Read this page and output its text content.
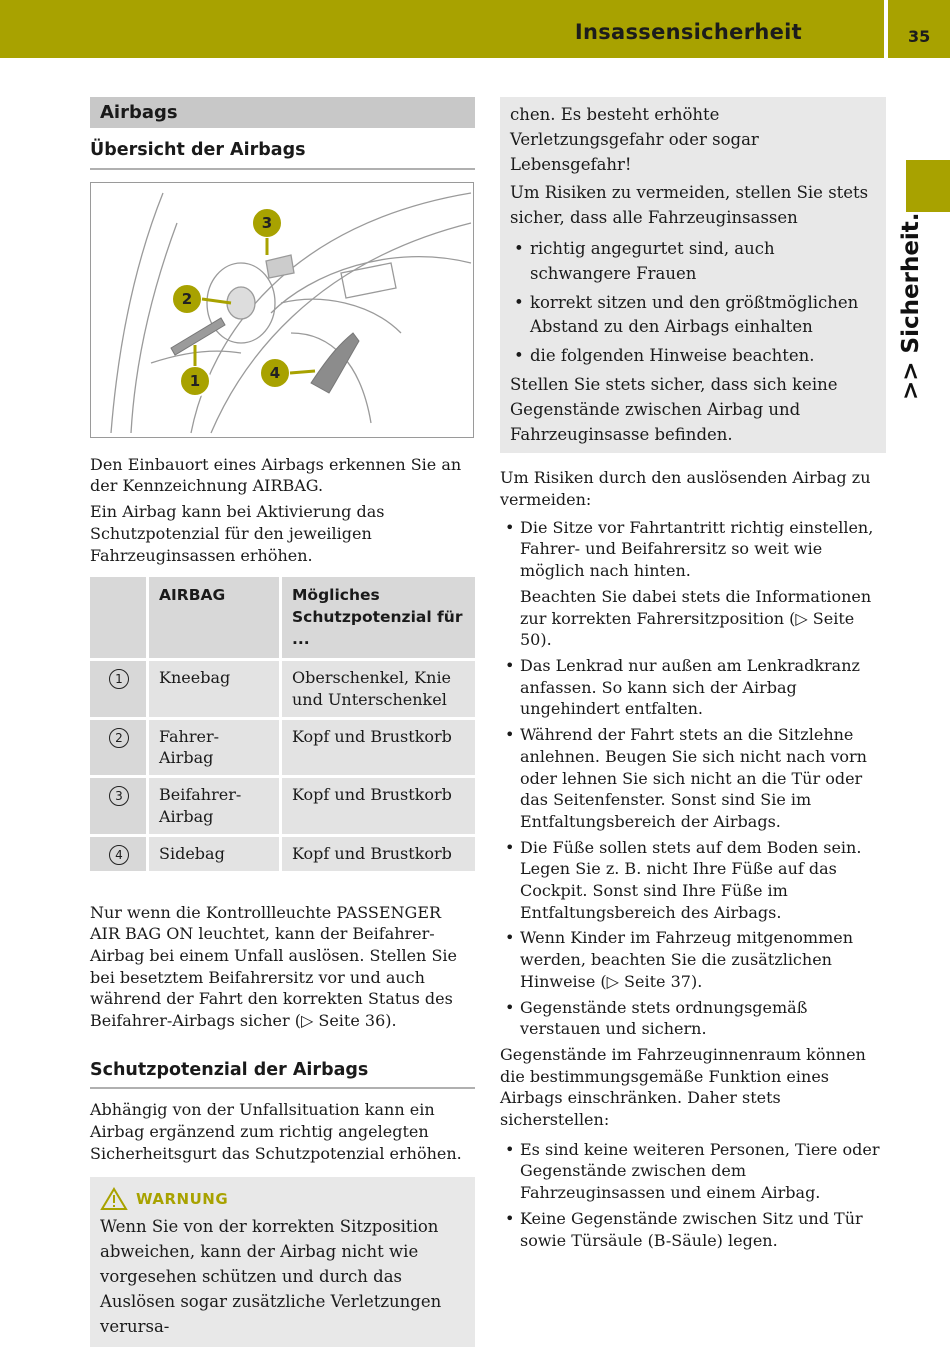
Insassensicherheit	35
>> Sicherheit.
Airbags
Übersicht der Airbags
3
2
1	4

Den Einbauort eines Airbags erkennen Sie an der Kennzeichnung AIRBAG.

Ein Airbag kann bei Aktivierung das Schutzpotenzial für den jeweiligen Fahrzeuginsassen erhöhen.

	AIRBAG	Mögliches Schutzpotenzial für ...
1	Kneebag	Oberschenkel, Knie und Unterschenkel
2	Fahrer-Airbag	Kopf und Brustkorb
3	Beifahrer-Airbag	Kopf und Brustkorb
4	Sidebag	Kopf und Brustkorb

Nur wenn die Kontrollleuchte PASSENGER AIR BAG ON leuchtet, kann der Beifahrer-Airbag bei einem Unfall auslösen. Stellen Sie bei besetztem Beifahrersitz vor und auch während der Fahrt den korrekten Status des Beifahrer-Airbags sicher (▷ Seite 36).

Schutzpotenzial der Airbags

Abhängig von der Unfallsituation kann ein Airbag ergänzend zum richtig angelegten Sicherheitsgurt das Schutzpotenzial erhöhen.

WARNUNG

Wenn Sie von der korrekten Sitzposition abweichen, kann der Airbag nicht wie vorgesehen schützen und durch das Auslösen sogar zusätzliche Verletzungen verursa-

chen. Es besteht erhöhte Verletzungsgefahr oder sogar Lebensgefahr!

Um Risiken zu vermeiden, stellen Sie stets sicher, dass alle Fahrzeuginsassen

• richtig angegurtet sind, auch schwangere Frauen
• korrekt sitzen und den größtmöglichen Abstand zu den Airbags einhalten
• die folgenden Hinweise beachten.

Stellen Sie stets sicher, dass sich keine Gegenstände zwischen Airbag und Fahrzeuginsasse befinden.

Um Risiken durch den auslösenden Airbag zu vermeiden:

• Die Sitze vor Fahrtantritt richtig einstellen, Fahrer- und Beifahrersitz so weit wie möglich nach hinten.

Beachten Sie dabei stets die Informationen zur korrekten Fahrersitzposition (▷ Seite 50).

• Das Lenkrad nur außen am Lenkradkranz anfassen. So kann sich der Airbag ungehindert entfalten.
• Während der Fahrt stets an die Sitzlehne anlehnen. Beugen Sie sich nicht nach vorn oder lehnen Sie sich nicht an die Tür oder das Seitenfenster. Sonst sind Sie im Entfaltungsbereich der Airbags.
• Die Füße sollen stets auf dem Boden sein. Legen Sie z. B. nicht Ihre Füße auf das Cockpit. Sonst sind Ihre Füße im Entfaltungsbereich des Airbags.
• Wenn Kinder im Fahrzeug mitgenommen werden, beachten Sie die zusätzlichen Hinweise (▷ Seite 37).
• Gegenstände stets ordnungsgemäß verstauen und sichern.

Gegenstände im Fahrzeuginnenraum können die bestimmungsgemäße Funktion eines Airbags einschränken. Daher stets sicherstellen:

• Es sind keine weiteren Personen, Tiere oder Gegenstände zwischen dem Fahrzeuginsassen und einem Airbag.
• Keine Gegenstände zwischen Sitz und Tür sowie Türsäule (B-Säule) legen.
